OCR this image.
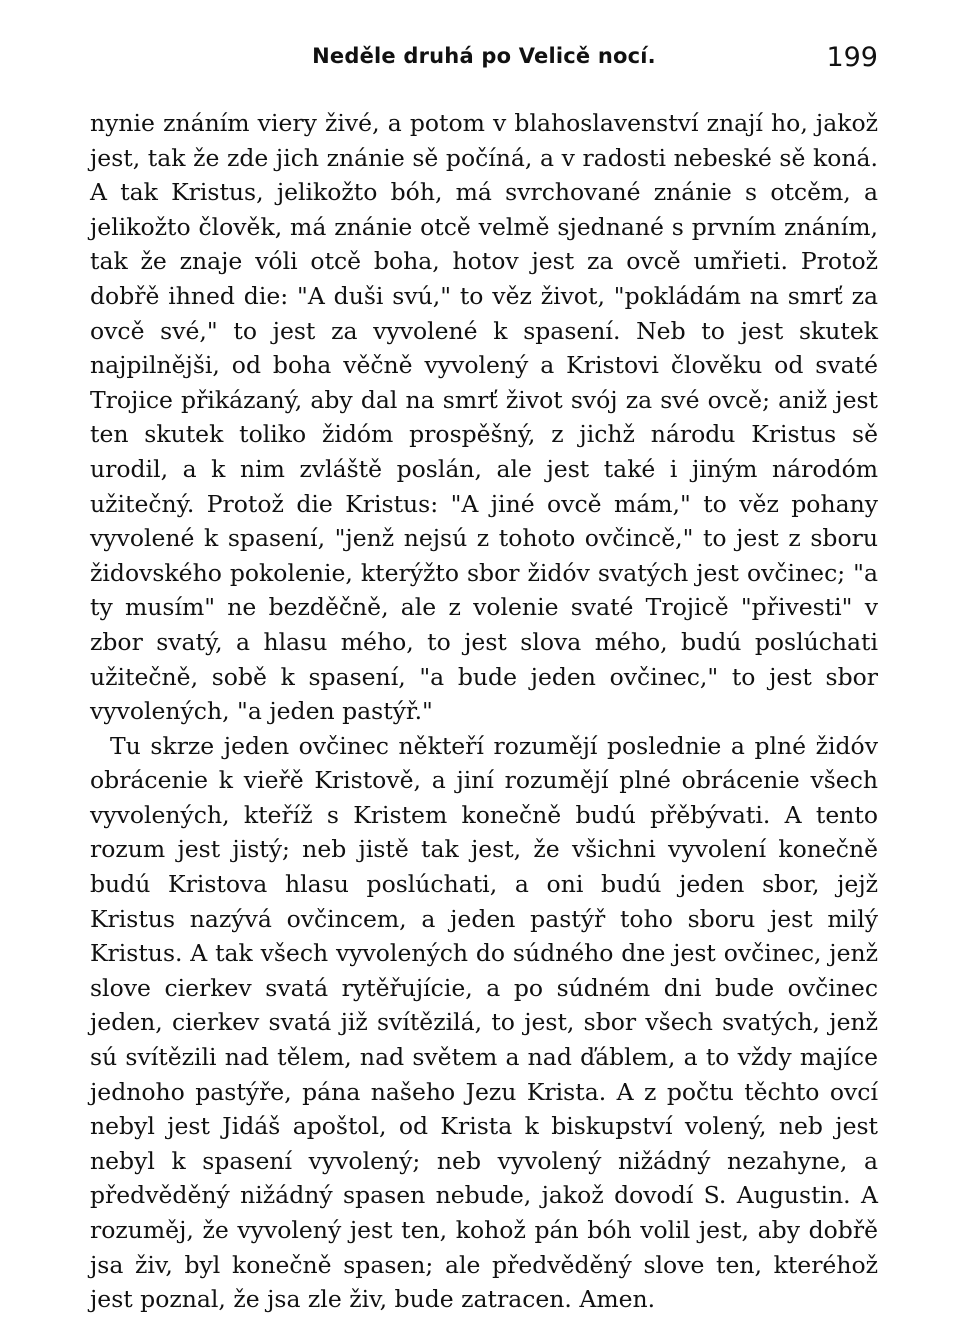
Neděle druhá po Velicě nocí.	199

nynie znáním viery živé, a potom v blahoslavenství znají ho, jakož jest, tak že zde jich znánie sě počíná, a v radosti nebeské sě koná. A tak Kristus, jelikožto bóh, má svrchované znánie s otcěm, a jelikožto člověk, má znánie otcě velmě sjednané s prvním znáním, tak že znaje vóli otcě boha, hotov jest za ovcě umřieti. Protož dobřě ihned die: "A duši svú," to věz život, "pokládám na smrť za ovcě své," to jest za vyvolené k spasení. Neb to jest skutek najpilnějši, od boha věčně vyvolený a Kristovi člověku od svaté Trojice přikázaný, aby dal na smrť život svój za své ovcě; aniž jest ten skutek toliko židóm prospěšný, z jichž národu Kristus sě urodil, a k nim zvláště poslán, ale jest také i jiným národóm užitečný. Protož die Kristus: "A jiné ovcě mám," to věz pohany vyvolené k spasení, "jenž nejsú z tohoto ovčincě," to jest z sboru židovského pokolenie, kterýžto sbor židóv svatých jest ovčinec; "a ty musím" ne bezděčně, ale z volenie svaté Trojicě "přivesti" v zbor svatý, a hlasu mého, to jest slova mého, budú poslúchati užitečně, sobě k spasení, "a bude jeden ovčinec," to jest sbor vyvolených, "a jeden pastýř."

Tu skrze jeden ovčinec někteří rozumějí poslednie a plné židóv obrácenie k vieřě Kristově, a jiní rozumějí plné obrácenie všech vyvolených, kteříž s Kristem konečně budú přěbývati. A tento rozum jest jistý; neb jistě tak jest, že všichni vyvolení konečně budú Kristova hlasu poslúchati, a oni budú jeden sbor, jejž Kristus nazývá ovčincem, a jeden pastýř toho sboru jest milý Kristus. A tak všech vyvolených do súdného dne jest ovčinec, jenž slove cierkev svatá rytěřujície, a po súdném dni bude ovčinec jeden, cierkev svatá již svítězilá, to jest, sbor všech svatých, jenž sú svítězili nad tělem, nad světem a nad ďáblem, a to vždy majíce jednoho pastýře, pána našeho Jezu Krista. A z počtu těchto ovcí nebyl jest Jidáš apoštol, od Krista k biskupství volený, neb jest nebyl k spasení vyvolený; neb vyvolený nižádný nezahyne, a předvěděný nižádný spasen nebude, jakož dovodí S. Augustin. A rozuměj, že vyvolený jest ten, kohož pán bóh volil jest, aby dobřě jsa živ, byl konečně spasen; ale předvěděný slove ten, kteréhož jest poznal, že jsa zle živ, bude zatracen. Amen.
